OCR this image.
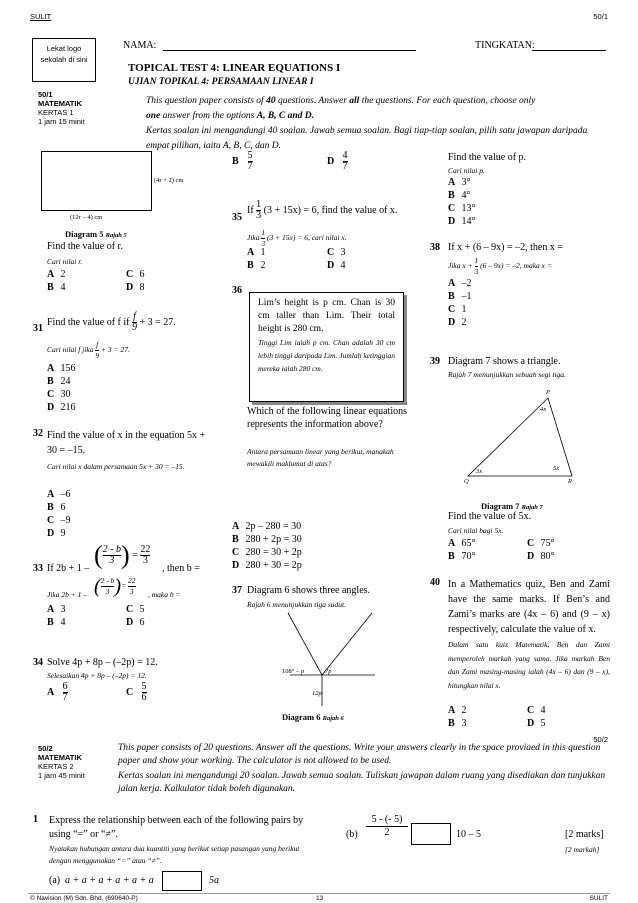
SULIT	50/1
Lekat logo sekolah di sini
NAMA:	TINGKATAN:
TOPICAL TEST 4: LINEAR EQUATIONS I
UJIAN TOPIKAL 4: PERSAMAAN LINEAR I
50/1
MATEMATIK
KERTAS 1
1 jam 15 minit
This question paper consists of 40 questions. Answer all the questions. For each question, choose only
one answer from the options A, B, C and D.
Kertas soalan ini mengandungi 40 soalan. Jawab semua soalan. Bagi tiap-tiap soalan, pilih satu jawapan daripada empat pilihan, iaitu A, B, C, dan D.
(4r + 2) cm
(12r – 4) cm
Diagram 5 Rajah 5
Find the value of r.
Cari nilai r.
A 2
B 4
C 6
D 8
31
Find the value of f if $\frac{f}{9} + 3 = 27$.
Cari nilai f jika $\frac{f}{9} + 3 = 27$.
A 156
B 24
C 30
D 216
32 Find the value of x in the equation 5x + 30 = –15.
Cari nilai x dalam persamaan 5x + 30 = –15.
A –6
B 6
C –9
D 9
33 If 2b + 1 – ( $\frac{2 - b}{3}$ ) = $\frac{22}{3}$
, then b =
Jika 2b + 1 – ( $\frac{2 - b}{3}$ )= $\frac{22}{3}$ , maka b =
A 3
B 4
C 5
D 6
34 Solve 4p + 8p – (–2p) = 12.
Selesaikan 4p + 8p – (–2p) = 12.
A $\frac{6}{7}$	C $\frac{5}{6}$
B $\frac{5}{7}$	D $\frac{4}{7}$
35
If $\frac{1}{3} (3 + 15x) = 6$, find the value of x.
Jika $\frac{1}{3} (3 + 15x) = 6$, cari nilai x.
A 1
B 2
C 3
D 4
36
Lim’s height is p cm. Chan is 30 cm taller than Lim. Their total height is 280 cm.
Tinggi Lim ialah p cm. Chan adalah 30 cm lebih tinggi daripada Lim. Jumlah ketinggian mereka ialah 280 cm.
Which of the following linear equations represents the information above?
Antara persamaan linear yang berikut, manakah mewakili maklumat di atas?
A 2p – 280 = 30
B 280 + 2p = 30
C 280 = 30 + 2p
D 280 + 30 = 2p
37 Diagram 6 shows three angles.
Rajah 6 menunjukkan tiga sudut.
108° – p	7p
12p
Diagram 6 Rajah 6
Find the value of p.
Cari nilai p.
A 3°
B 4°
C 13°
D 14°
38 If x + (6 – 9x) = –2, then x =
Jika $x + \frac{1}{3} (6 - 9x) = -2$, maka x =
A –2
B –1
C 1
D 2
39 Diagram 7 shows a triangle.
Rajah 7 menunjukkan sebuah segi tiga.
P
Q	R
4x
3x	5x
Diagram 7 Rajah 7
Find the value of 5x.
Cari nilai bagi 5x.
A 65°
B 70°
C 75°
D 80°
40 In a Mathematics quiz, Ben and Zami have the same marks. If Ben’s and Zami’s marks are (4x – 6) and (9 – x) respectively, calculate the value of x.
Dalam satu kuiz Matematik, Ben dan Zami memperoleh markah yang sama. Jika markah Ben dan Zami masing-masing ialah (4x – 6) dan (9 – x), hitungkan nilai x.
A 2
B 3
C 4
D 5
50/2
50/2
MATEMATIK
KERTAS 2
1 jam 45 minit
This paper consists of 20 questions. Answer all the questions. Write your answers clearly in the space proviaed in this question paper and show your working. The calculator is not allowed to be used.
Kertas soalan ini mengandungi 20 soalan. Jawab semua soalan. Tuliskan jawapan dalam ruang yang disediakan dan tunjukkan jalan kerja. Kalkulator tidak boleh digunakan.
1 Express the relationship between each of the following pairs by using “=” or “≠”.
Nyatakan hubungan antara dua kuantiti yang berikut setiap pasangan yang berikut dengan menggunakan “=” atau “≠”.
(a) a + a + a + a + a + a	5a
$(b) \frac{5 - (- 5)}{2}$	10 – 5	[2 marks]
[2 markah]
© Navision (M) Sdn. Bhd. (690640-P)	13	SULIT
